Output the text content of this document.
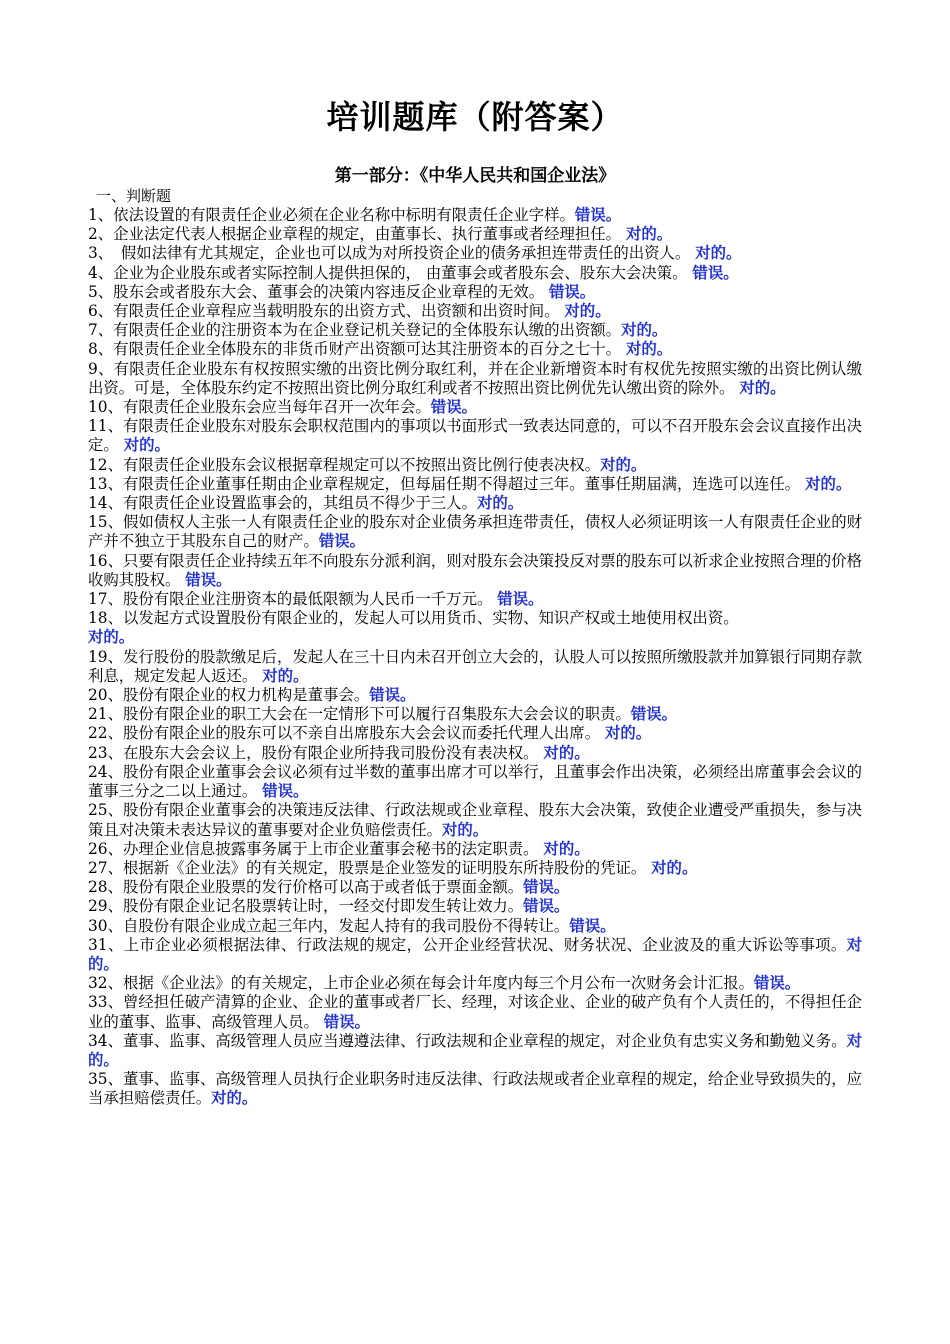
培训题库（附答案）
第一部分：《中华人民共和国企业法》
一、判断题
1、依法设置的有限责任企业必须在企业名称中标明有限责任企业字样。错误。
2、企业法定代表人根据企业章程的规定，由董事长、执行董事或者经理担任。 对的。
3、　假如法律有尤其规定，企业也可以成为对所投资企业的债务承担连带责任的出资人。 对的。
4、企业为企业股东或者实际控制人提供担保的， 由董事会或者股东会、股东大会决策。 错误。
5、股东会或者股东大会、董事会的决策内容违反企业章程的无效。 错误。
6、有限责任企业章程应当载明股东的出资方式、出资额和出资时间。 对的。
7、有限责任企业的注册资本为在企业登记机关登记的全体股东认缴的出资额。对的。
8、有限责任企业全体股东的非货币财产出资额可达其注册资本的百分之七十。 对的。
9、有限责任企业股东有权按照实缴的出资比例分取红利，并在企业新增资本时有权优先按照实缴的出资比例认缴出资。可是，全体股东约定不按照出资比例分取红利或者不按照出资比例优先认缴出资的除外。 对的。
10、有限责任企业股东会应当每年召开一次年会。错误。
11、有限责任企业股东对股东会职权范围内的事项以书面形式一致表达同意的，可以不召开股东会会议直接作出决定。 对的。
12、有限责任企业股东会议根据章程规定可以不按照出资比例行使表决权。对的。
13、有限责任企业董事任期由企业章程规定，但每届任期不得超过三年。董事任期届满，连选可以连任。 对的。
14、有限责任企业设置监事会的，其组员不得少于三人。对的。
15、假如债权人主张一人有限责任企业的股东对企业债务承担连带责任，债权人必须证明该一人有限责任企业的财产并不独立于其股东自己的财产。错误。
16、只要有限责任企业持续五年不向股东分派利润，则对股东会决策投反对票的股东可以祈求企业按照合理的价格收购其股权。 错误。
17、股份有限企业注册资本的最低限额为人民币一千万元。 错误。
18、以发起方式设置股份有限企业的，发起人可以用货币、实物、知识产权或土地使用权出资。
对的。
19、发行股份的股款缴足后，发起人在三十日内未召开创立大会的，认股人可以按照所缴股款并加算银行同期存款利息，规定发起人返还。 对的。
20、股份有限企业的权力机构是董事会。错误。
21、股份有限企业的职工大会在一定情形下可以履行召集股东大会会议的职责。错误。
22、股份有限企业的股东可以不亲自出席股东大会会议而委托代理人出席。 对的。
23、在股东大会会议上，股份有限企业所持我司股份没有表决权。 对的。
24、股份有限企业董事会会议必须有过半数的董事出席才可以举行，且董事会作出决策，必须经出席董事会会议的董事三分之二以上通过。 错误。
25、股份有限企业董事会的决策违反法律、行政法规或企业章程、股东大会决策，致使企业遭受严重损失，参与决策且对决策未表达异议的董事要对企业负赔偿责任。对的。
26、办理企业信息披露事务属于上市企业董事会秘书的法定职责。 对的。
27、根据新《企业法》的有关规定，股票是企业签发的证明股东所持股份的凭证。 对的。
28、股份有限企业股票的发行价格可以高于或者低于票面金额。错误。
29、股份有限企业记名股票转让时，一经交付即发生转让效力。错误。
30、自股份有限企业成立起三年内，发起人持有的我司股份不得转让。错误。
31、上市企业必须根据法律、行政法规的规定，公开企业经营状况、财务状况、企业波及的重大诉讼等事项。对的。
32、根据《企业法》的有关规定，上市企业必须在每会计年度内每三个月公布一次财务会计汇报。错误。
33、曾经担任破产清算的企业、企业的董事或者厂长、经理，对该企业、企业的破产负有个人责任的，不得担任企业的董事、监事、高级管理人员。 错误。
34、董事、监事、高级管理人员应当遵遵法律、行政法规和企业章程的规定，对企业负有忠实义务和勤勉义务。对的。
35、董事、监事、高级管理人员执行企业职务时违反法律、行政法规或者企业章程的规定，给企业导致损失的，应当承担赔偿责任。对的。
